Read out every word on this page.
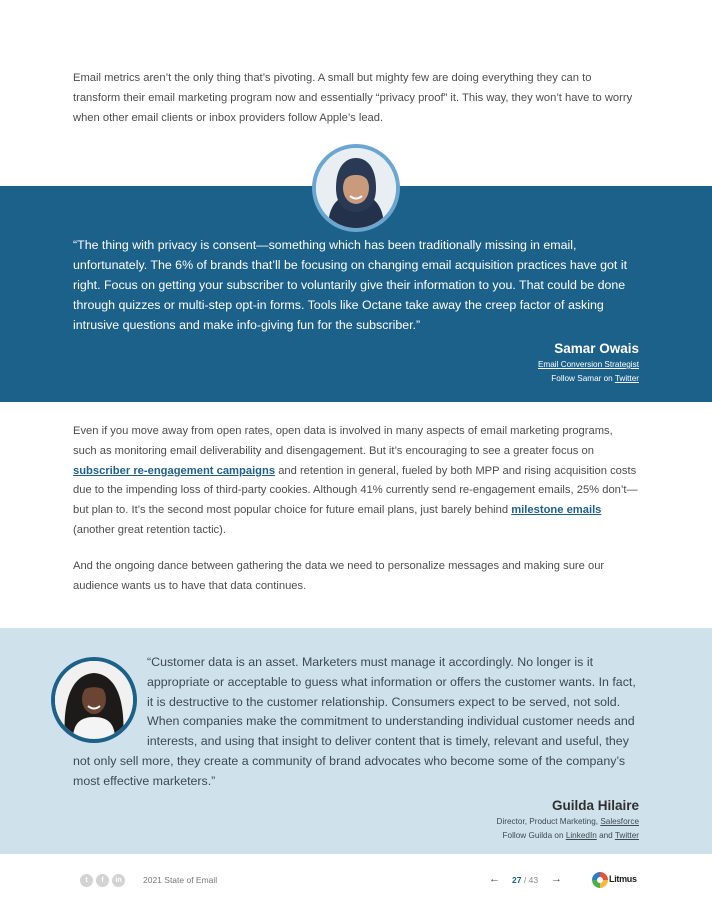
Email metrics aren’t the only thing that’s pivoting. A small but mighty few are doing everything they can to transform their email marketing program now and essentially “privacy proof” it. This way, they won’t have to worry when other email clients or inbox providers follow Apple’s lead.

“The thing with privacy is consent—something which has been traditionally missing in email, unfortunately. The 6% of brands that’ll be focusing on changing email acquisition practices have got it right. Focus on getting your subscriber to voluntarily give their information to you. That could be done through quizzes or multi-step opt-in forms. Tools like Octane take away the creep factor of asking intrusive questions and make info-giving fun for the subscriber.”

Samar Owais
Email Conversion Strategist
Follow Samar on Twitter

Even if you move away from open rates, open data is involved in many aspects of email marketing programs, such as monitoring email deliverability and disengagement. But it’s encouraging to see a greater focus on subscriber re-engagement campaigns and retention in general, fueled by both MPP and rising acquisition costs due to the impending loss of third-party cookies. Although 41% currently send re-engagement emails, 25% don’t—but plan to. It’s the second most popular choice for future email plans, just barely behind milestone emails (another great retention tactic).

And the ongoing dance between gathering the data we need to personalize messages and making sure our audience wants us to have that data continues.

“Customer data is an asset. Marketers must manage it accordingly. No longer is it appropriate or acceptable to guess what information or offers the customer wants. In fact, it is destructive to the customer relationship. Consumers expect to be served, not sold. When companies make the commitment to understanding individual customer needs and interests, and using that insight to deliver content that is timely, relevant and useful, they not only sell more, they create a community of brand advocates who become some of the company’s most effective marketers.”

Guilda Hilaire
Director, Product Marketing, Salesforce
Follow Guilda on LinkedIn and Twitter
t	f	in	2021 State of Email	← 27 / 43 →	Litmus
